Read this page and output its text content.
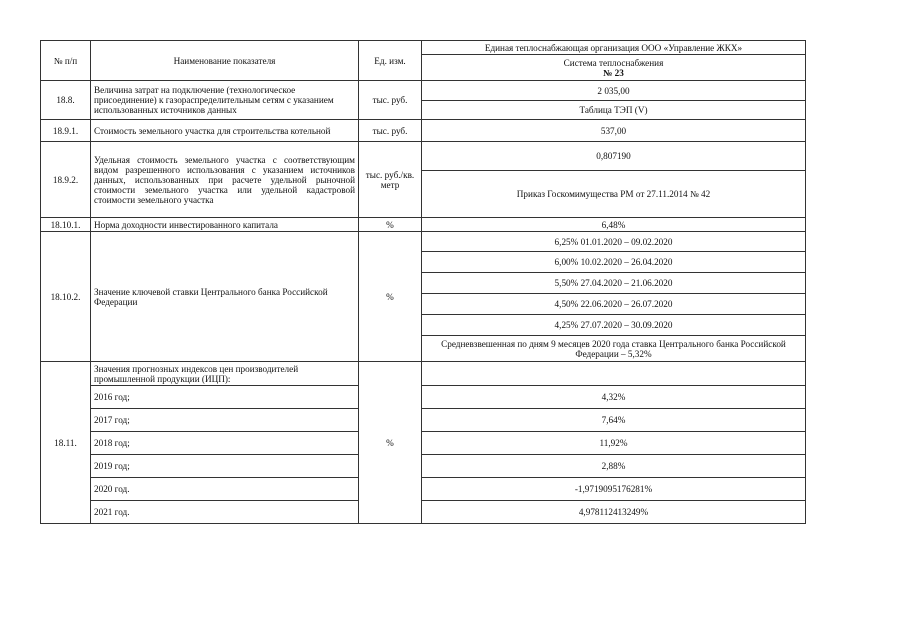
№ п/п	Наименование показателя	Ед. изм.	Единая теплоснабжающая организация ООО «Управление ЖКХ»

			Система теплоснабжения
№ 23

18.8.	Величина затрат на подключение (технологическое присоединение) к газораспределительным сетям с указанием использованных источников данных	тыс. руб.	2 035,00
			Таблица ТЭП (V)
18.9.1.	Стоимость земельного участка для строительства котельной	тыс. руб.	537,00
18.9.2.	Удельная стоимость земельного участка с соответствующим видом разрешенного использования с указанием источников данных, использованных при расчете удельной рыночной стоимости земельного участка или удельной кадастровой стоимости земельного участка	тыс. руб./кв. метр	0,807190
			Приказ Госкомимущества РМ от 27.11.2014 № 42
18.10.1.	Норма доходности инвестированного капитала	%	6,48%
18.10.2.	Значение ключевой ставки Центрального банка Российской Федерации	%	6,25% 01.01.2020 – 09.02.2020
			6,00% 10.02.2020 – 26.04.2020
			5,50% 27.04.2020 – 21.06.2020
			4,50% 22.06.2020 – 26.07.2020
			4,25% 27.07.2020 – 30.09.2020
			Средневзвешенная по дням 9 месяцев 2020 года ставка Центрального банка Российской Федерации – 5,32%
18.11.	Значения прогнозных индексов цен производителей промышленной продукции (ИЦП):	%	
	2016 год;		4,32%
	2017 год;		7,64%
	2018 год;		11,92%
	2019 год;		2,88%
	2020 год.		-1,9719095176281%
	2021 год.		4,978112413249%
